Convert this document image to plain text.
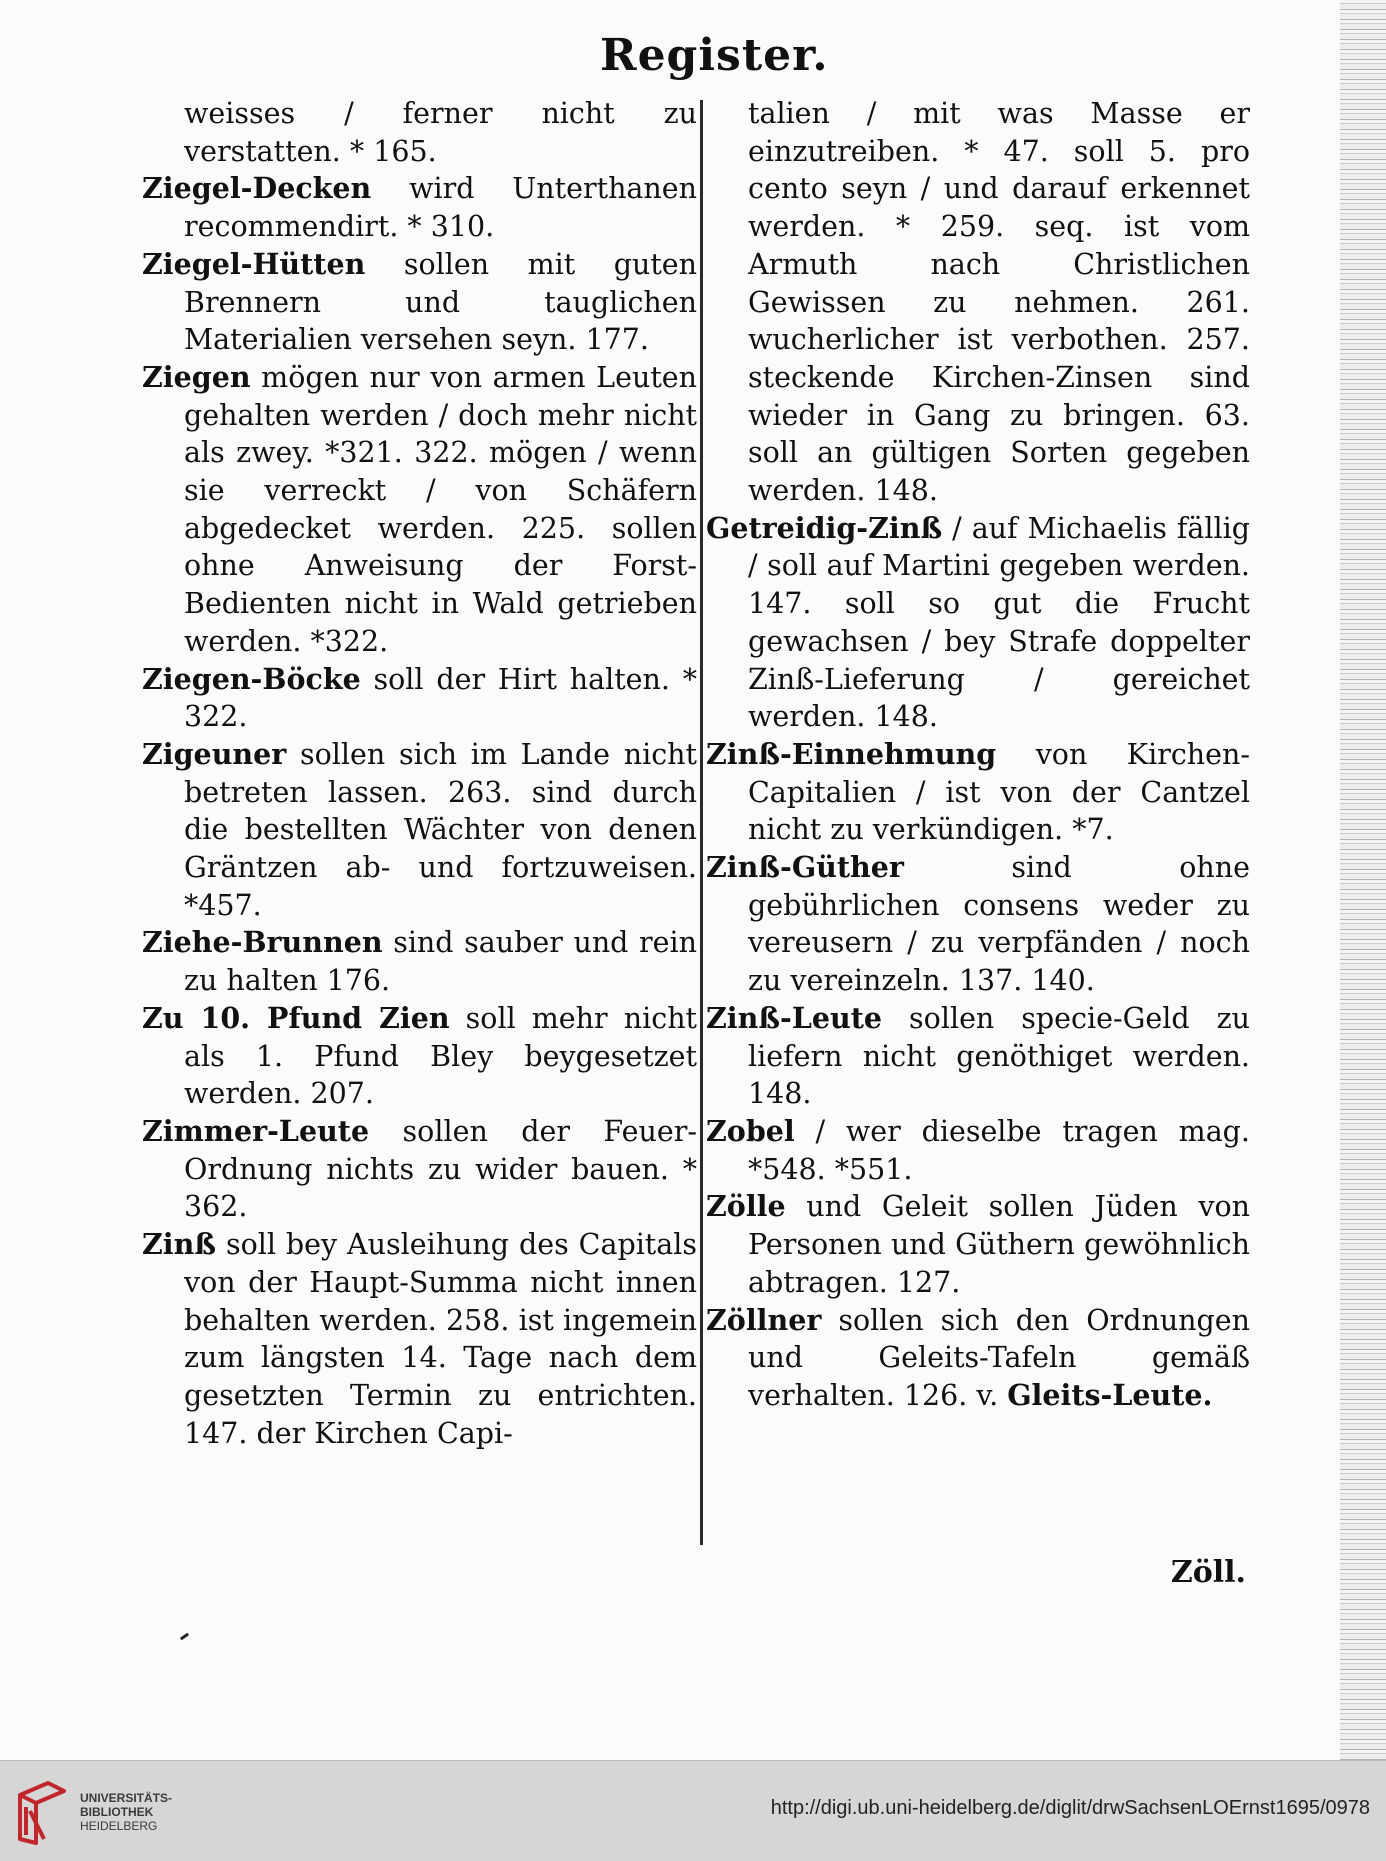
Register.

weisses / ferner nicht zu verstatten. * 165.

Ziegel-Decken wird Unterthanen recommendirt. * 310.

Ziegel-Hütten sollen mit guten Brennern und tauglichen Materialien versehen seyn. 177.

Ziegen mögen nur von armen Leuten gehalten werden / doch mehr nicht als zwey. *321. 322. mögen / wenn sie verreckt / von Schäfern abgedecket werden. 225. sollen ohne Anweisung der Forst-Bedienten nicht in Wald getrieben werden. *322.

Ziegen-Böcke soll der Hirt halten. * 322.

Zigeuner sollen sich im Lande nicht betreten lassen. 263. sind durch die bestellten Wächter von denen Gräntzen ab- und fortzuweisen. *457.

Ziehe-Brunnen sind sauber und rein zu halten 176.

Zu 10. Pfund Zien soll mehr nicht als 1. Pfund Bley beygesetzet werden. 207.

Zimmer-Leute sollen der Feuer-Ordnung nichts zu wider bauen. * 362.

Zinß soll bey Ausleihung des Capitals von der Haupt-Summa nicht innen behalten werden. 258. ist ingemein zum längsten 14. Tage nach dem gesetzten Termin zu entrichten. 147. der Kirchen Capi-

talien / mit was Masse er einzutreiben. * 47. soll 5. pro cento seyn / und darauf erkennet werden. * 259. seq. ist vom Armuth nach Christlichen Gewissen zu nehmen. 261. wucherlicher ist verbothen. 257. steckende Kirchen-Zinsen sind wieder in Gang zu bringen. 63. soll an gültigen Sorten gegeben werden. 148.

Getreidig-Zinß / auf Michaelis fällig / soll auf Martini gegeben werden. 147. soll so gut die Frucht gewachsen / bey Strafe doppelter Zinß-Lieferung / gereichet werden. 148.

Zinß-Einnehmung von Kirchen-Capitalien / ist von der Cantzel nicht zu verkündigen. *7.

Zinß-Güther sind ohne gebührlichen consens weder zu vereusern / zu verpfänden / noch zu vereinzeln. 137. 140.

Zinß-Leute sollen specie-Geld zu liefern nicht genöthiget werden. 148.

Zobel / wer dieselbe tragen mag. *548. *551.

Zölle und Geleit sollen Jüden von Personen und Güthern gewöhnlich abtragen. 127.

Zöllner sollen sich den Ordnungen und Geleits-Tafeln gemäß verhalten. 126. v. Gleits-Leute.

Zöll.
UNIVERSITÄTS-
BIBLIOTHEK
HEIDELBERG
http://digi.ub.uni-heidelberg.de/diglit/drwSachsenLOErnst1695/0978
